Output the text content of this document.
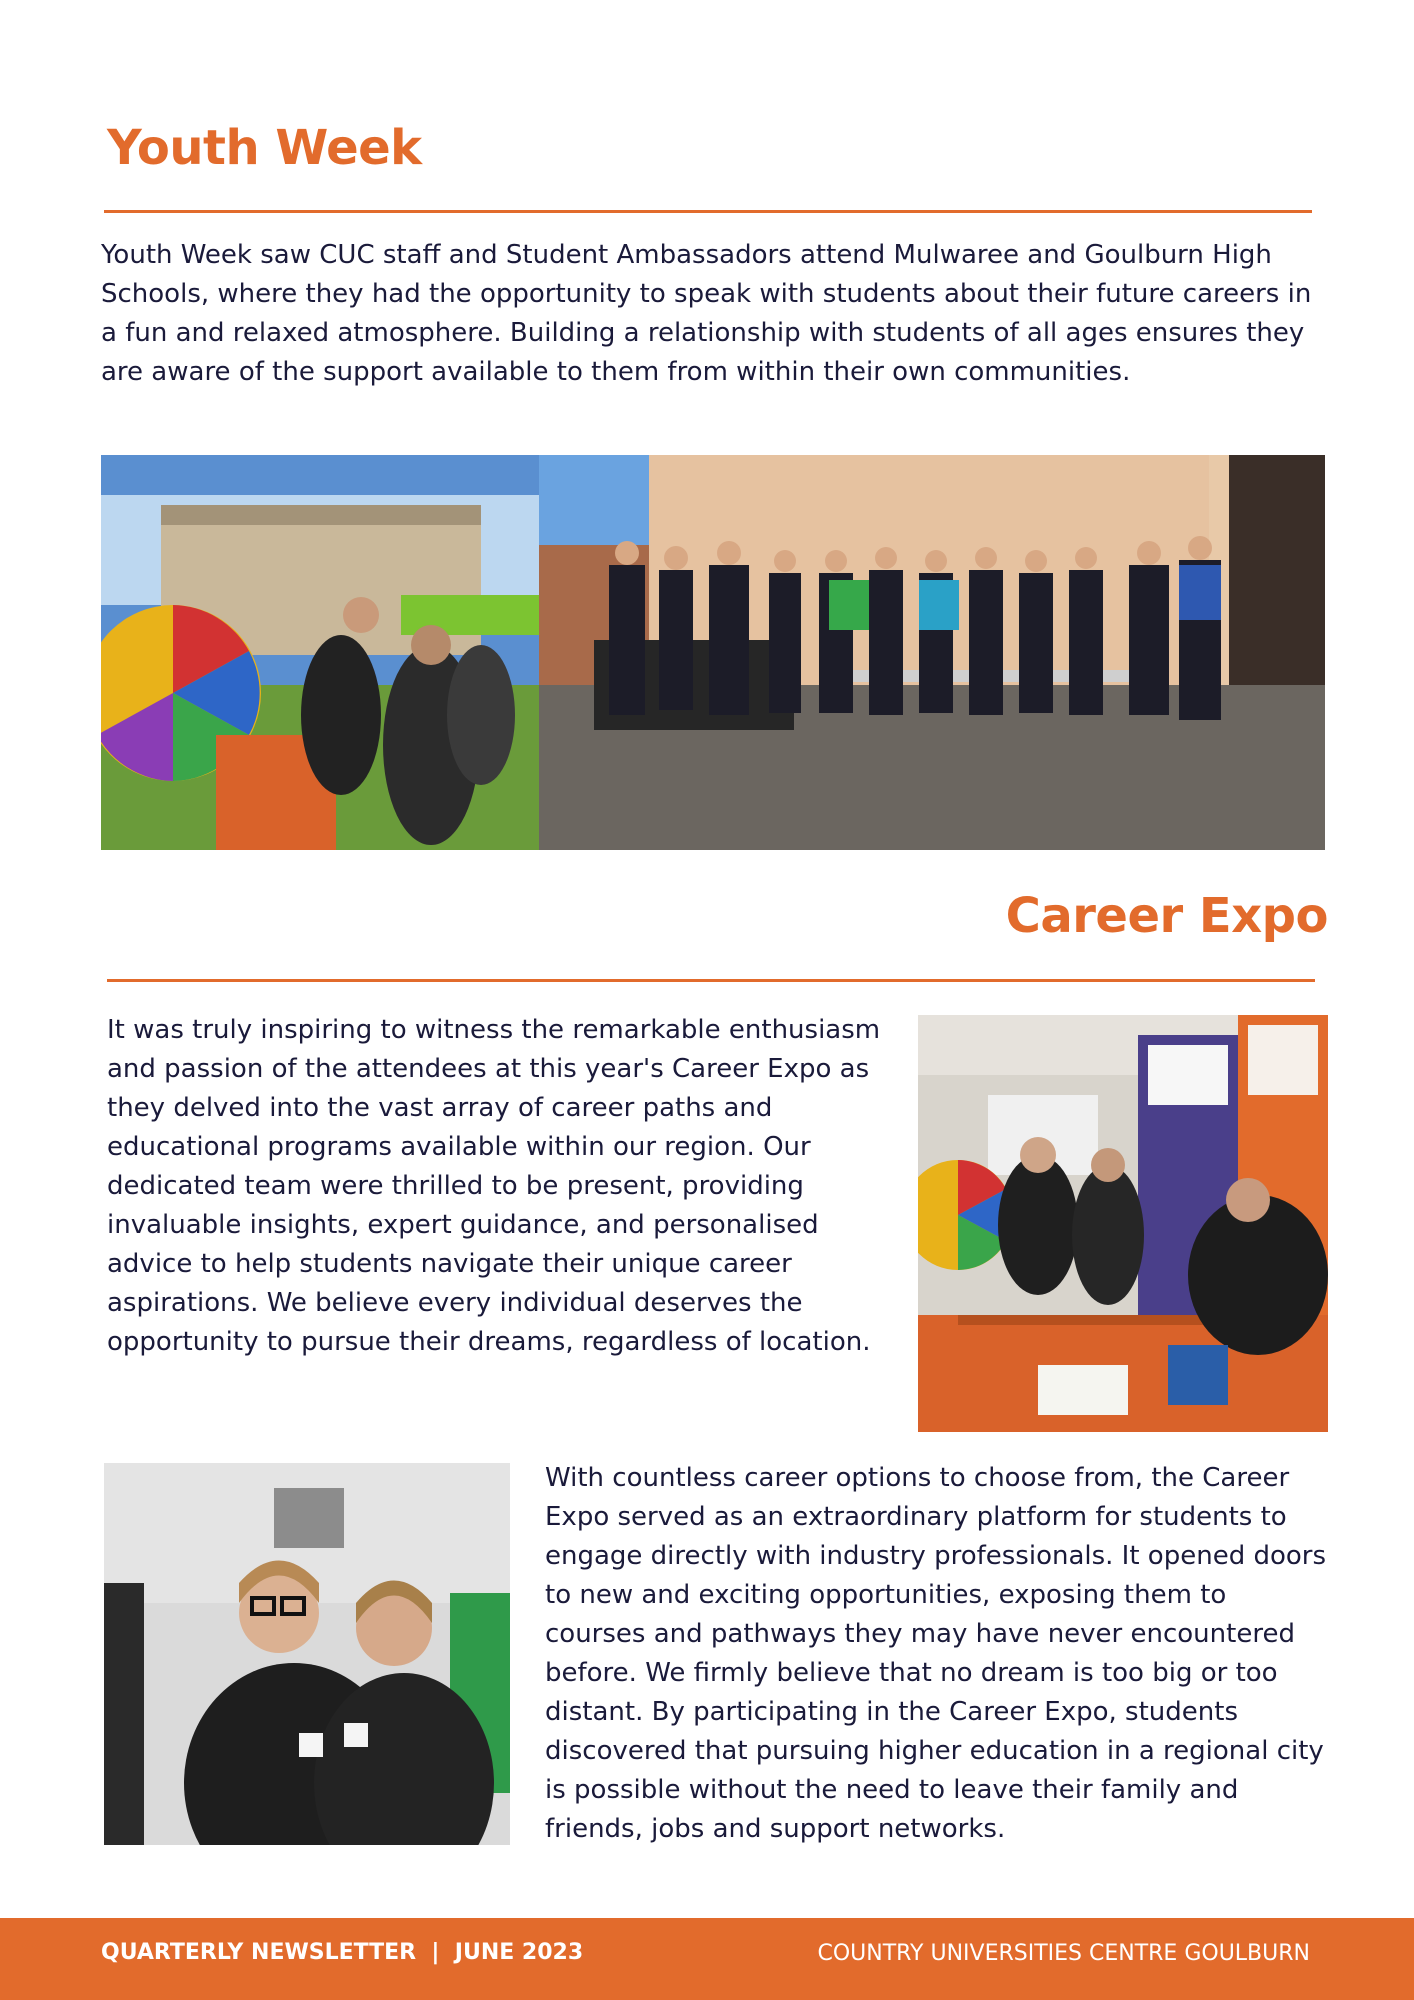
Youth Week

Youth Week saw CUC staff and Student Ambassadors attend Mulwaree and Goulburn High Schools, where they had the opportunity to speak with students about their future careers in a fun and relaxed atmosphere. Building a relationship with students of all ages ensures they are aware of the support available to them from within their own communities.

Career Expo

It was truly inspiring to witness the remarkable enthusiasm and passion of the attendees at this year's Career Expo as they delved into the vast array of career paths and educational programs available within our region. Our dedicated team were thrilled to be present, providing invaluable insights, expert guidance, and personalised advice to help students navigate their unique career aspirations. We believe every individual deserves the opportunity to pursue their dreams, regardless of location.

With countless career options to choose from, the Career Expo served as an extraordinary platform for students to engage directly with industry professionals. It opened doors to new and exciting opportunities, exposing them to courses and pathways they may have never encountered before. We firmly believe that no dream is too big or too distant. By participating in the Career Expo, students discovered that pursuing higher education in a regional city is possible without the need to leave their family and friends, jobs and support networks.

QUARTERLY NEWSLETTER  |  JUNE 2023	COUNTRY UNIVERSITIES CENTRE GOULBURN
